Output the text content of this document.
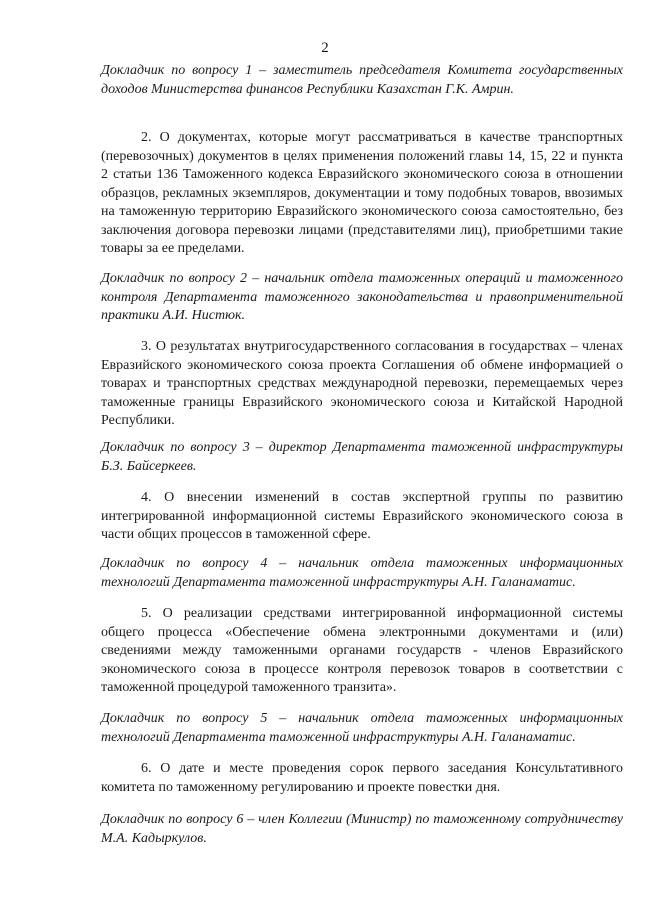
2

Докладчик по вопросу 1 – заместитель председателя Комитета государственных доходов Министерства финансов Республики Казахстан Г.К. Амрин.

2. О документах, которые могут рассматриваться в качестве транспортных (перевозочных) документов в целях применения положений главы 14, 15, 22 и пункта 2 статьи 136 Таможенного кодекса Евразийского экономического союза в отношении образцов, рекламных экземпляров, документации и тому подобных товаров, ввозимых на таможенную территорию Евразийского экономического союза самостоятельно, без заключения договора перевозки лицами (представителями лиц), приобретшими такие товары за ее пределами.

Докладчик по вопросу 2 – начальник отдела таможенных операций и таможенного контроля Департамента таможенного законодательства и правоприменительной практики А.И. Нистюк.

3. О результатах внутригосударственного согласования в государствах – членах Евразийского экономического союза проекта Соглашения об обмене информацией о товарах и транспортных средствах международной перевозки, перемещаемых через таможенные границы Евразийского экономического союза и Китайской Народной Республики.

Докладчик по вопросу 3 – директор Департамента таможенной инфраструктуры Б.З. Байсеркеев.

4. О внесении изменений в состав экспертной группы по развитию интегрированной информационной системы Евразийского экономического союза в части общих процессов в таможенной сфере.

Докладчик по вопросу 4 – начальник отдела таможенных информационных технологий Департамента таможенной инфраструктуры А.Н. Галанаматис.

5. О реализации средствами интегрированной информационной системы общего процесса «Обеспечение обмена электронными документами и (или) сведениями между таможенными органами государств - членов Евразийского экономического союза в процессе контроля перевозок товаров в соответствии с таможенной процедурой таможенного транзита».

Докладчик по вопросу 5 – начальник отдела таможенных информационных технологий Департамента таможенной инфраструктуры А.Н. Галанаматис.

6. О дате и месте проведения сорок первого заседания Консультативного комитета по таможенному регулированию и проекте повестки дня.

Докладчик по вопросу 6 – член Коллегии (Министр) по таможенному сотрудничеству М.А. Кадыркулов.
